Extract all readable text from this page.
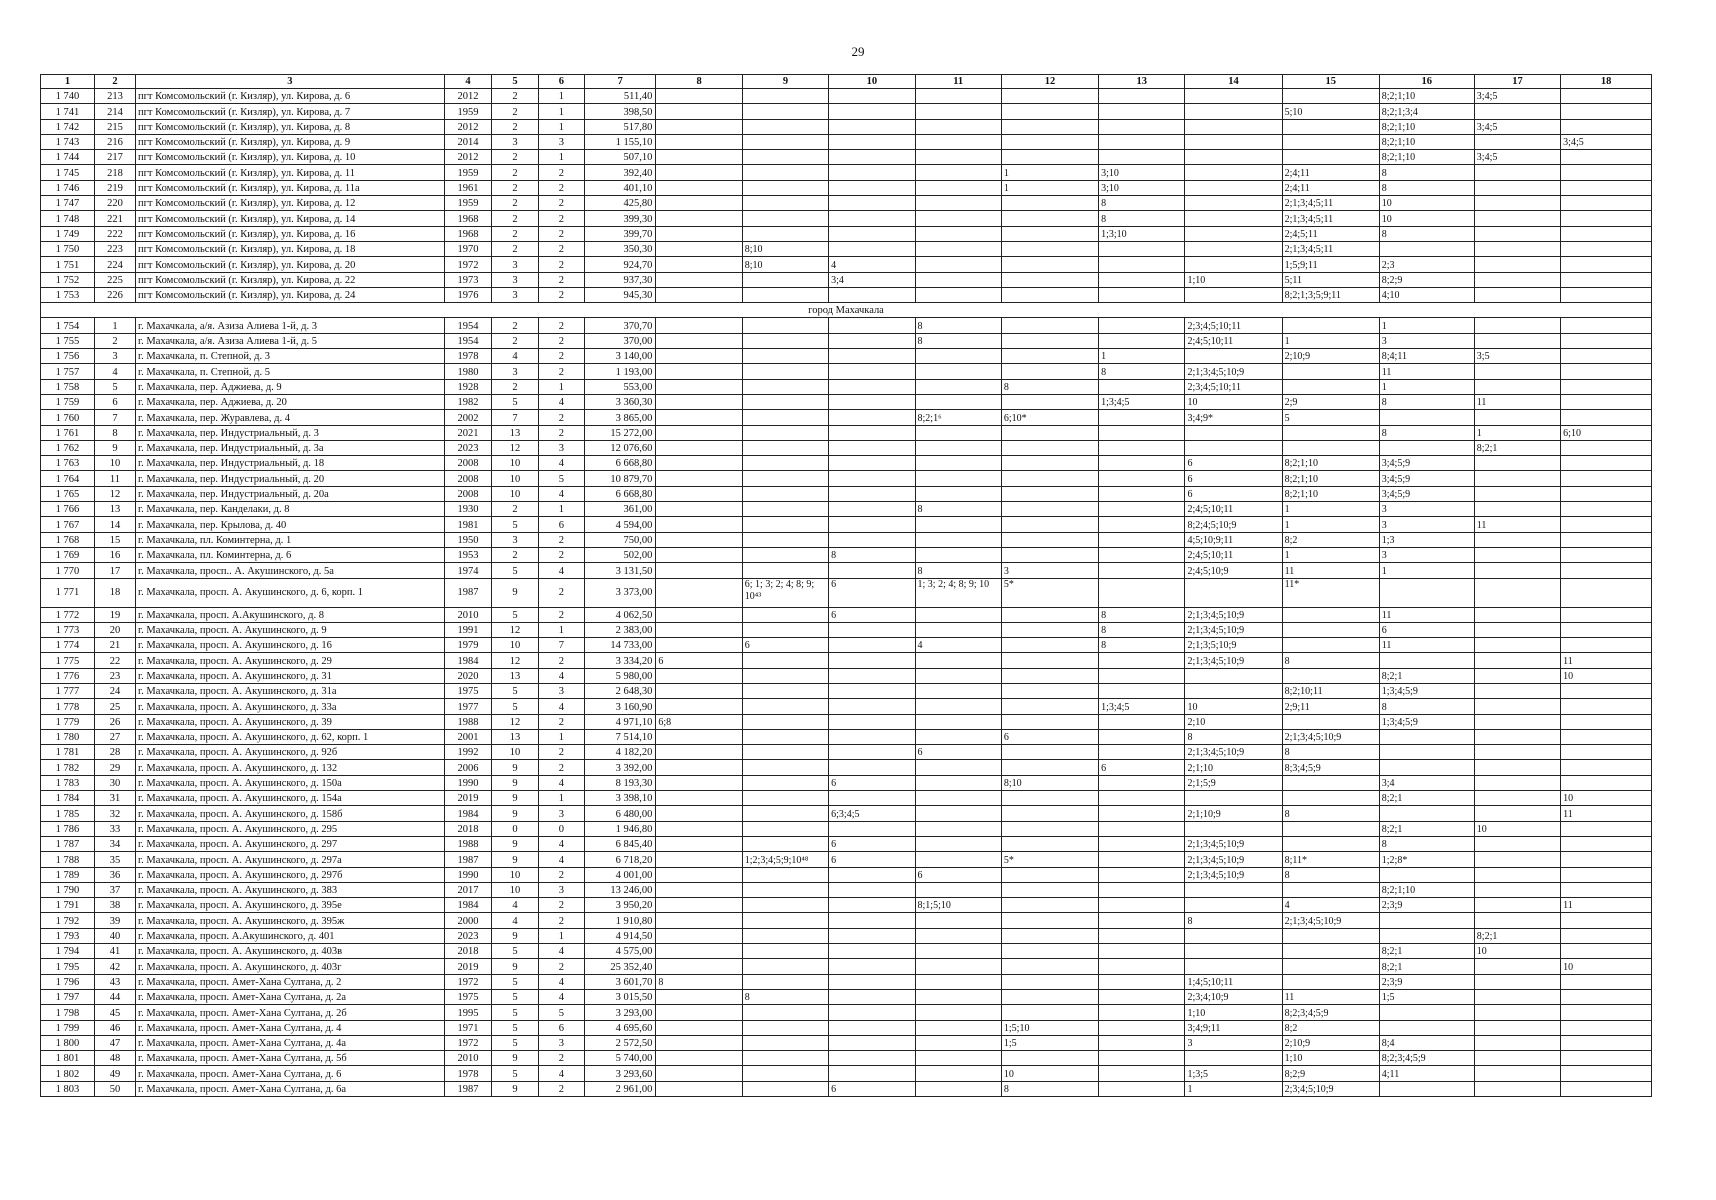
29
1	2	3	4	5	6	7	8	9	10	11	12	13	14	15	16	17	18
1 740	213	пгт Комсомольский (г. Кизляр), ул. Кирова, д. 6	2012	2	1	511,40									8;2;1;10	3;4;5	
1 741	214	пгт Комсомольский (г. Кизляр), ул. Кирова, д. 7	1959	2	1	398,50								5;10	8;2;1;3;4		
1 742	215	пгт Комсомольский (г. Кизляр), ул. Кирова, д. 8	2012	2	1	517,80									8;2;1;10	3;4;5	
1 743	216	пгт Комсомольский (г. Кизляр), ул. Кирова, д. 9	2014	3	3	1 155,10									8;2;1;10		3;4;5
1 744	217	пгт Комсомольский (г. Кизляр), ул. Кирова, д. 10	2012	2	1	507,10									8;2;1;10	3;4;5	
1 745	218	пгт Комсомольский (г. Кизляр), ул. Кирова, д. 11	1959	2	2	392,40					1	3;10		2;4;11	8		
1 746	219	пгт Комсомольский (г. Кизляр), ул. Кирова, д. 11а	1961	2	2	401,10					1	3;10		2;4;11	8		
1 747	220	пгт Комсомольский (г. Кизляр), ул. Кирова, д. 12	1959	2	2	425,80						8		2;1;3;4;5;11	10		
1 748	221	пгт Комсомольский (г. Кизляр), ул. Кирова, д. 14	1968	2	2	399,30						8		2;1;3;4;5;11	10		
1 749	222	пгт Комсомольский (г. Кизляр), ул. Кирова, д. 16	1968	2	2	399,70						1;3;10		2;4;5;11	8		
1 750	223	пгт Комсомольский (г. Кизляр), ул. Кирова, д. 18	1970	2	2	350,30		8;10						2;1;3;4;5;11			
1 751	224	пгт Комсомольский (г. Кизляр), ул. Кирова, д. 20	1972	3	2	924,70		8;10	4					1;5;9;11	2;3		
1 752	225	пгт Комсомольский (г. Кизляр), ул. Кирова, д. 22	1973	3	2	937,30			3;4				1;10	5;11	8;2;9		
1 753	226	пгт Комсомольский (г. Кизляр), ул. Кирова, д. 24	1976	3	2	945,30								8;2;1;3;5;9;11	4;10		
город Махачкала																	
1 754	1	г. Махачкала, а/я. Азиза Алиева 1-й, д. 3	1954	2	2	370,70				8			2;3;4;5;10;11		1		
1 755	2	г. Махачкала, а/я. Азиза Алиева 1-й, д. 5	1954	2	2	370,00				8			2;4;5;10;11	1	3		
1 756	3	г. Махачкала, п. Степной, д. 3	1978	4	2	3 140,00						1		2;10;9	8;4;11	3;5	
1 757	4	г. Махачкала, п. Степной, д. 5	1980	3	2	1 193,00						8	2;1;3;4;5;10;9		11		
1 758	5	г. Махачкала, пер. Аджиева, д. 9	1928	2	1	553,00					8		2;3;4;5;10;11		1		
1 759	6	г. Махачкала, пер. Аджиева, д. 20	1982	5	4	3 360,30						1;3;4;5	10	2;9	8	11	
1 760	7	г. Махачкала, пер. Журавлева, д. 4	2002	7	2	3 865,00				8;2;1⁶	6;10*		3;4;9*	5			
1 761	8	г. Махачкала, пер. Индустриальный, д. 3	2021	13	2	15 272,00									8	1	6;10
1 762	9	г. Махачкала, пер. Индустриальный, д. 3а	2023	12	3	12 076,60										8;2;1	
1 763	10	г. Махачкала, пер. Индустриальный, д. 18	2008	10	4	6 668,80							6	8;2;1;10	3;4;5;9		
1 764	11	г. Махачкала, пер. Индустриальный, д. 20	2008	10	5	10 879,70							6	8;2;1;10	3;4;5;9		
1 765	12	г. Махачкала, пер. Индустриальный, д. 20а	2008	10	4	6 668,80							6	8;2;1;10	3;4;5;9		
1 766	13	г. Махачкала, пер. Канделаки, д. 8	1930	2	1	361,00				8			2;4;5;10;11	1	3		
1 767	14	г. Махачкала, пер. Крылова, д. 40	1981	5	6	4 594,00							8;2;4;5;10;9	1	3	11	
1 768	15	г. Махачкала, пл. Коминтерна, д. 1	1950	3	2	750,00							4;5;10;9;11	8;2	1;3		
1 769	16	г. Махачкала, пл. Коминтерна, д. 6	1953	2	2	502,00			8				2;4;5;10;11	1	3		
1 770	17	г. Махачкала, просп.. А. Акушинского, д. 5а	1974	5	4	3 131,50				8	3		2;4;5;10;9	11	1		
1 771	18	г. Махачкала, просп. А. Акушинского, д. 6, корп. 1	1987	9	2	3 373,00		6; 1; 3; 2; 4; 8; 9; 10⁴³	6	1; 3; 2; 4; 8; 9; 10	5*			11*			
1 772	19	г. Махачкала, просп. А.Акушинского, д. 8	2010	5	2	4 062,50			6			8	2;1;3;4;5;10;9		11		
1 773	20	г. Махачкала, просп. А. Акушинского, д. 9	1991	12	1	2 383,00						8	2;1;3;4;5;10;9		6		
1 774	21	г. Махачкала, просп. А. Акушинского, д. 16	1979	10	7	14 733,00		6		4		8	2;1;3;5;10;9		11		
1 775	22	г. Махачкала, просп. А. Акушинского, д. 29	1984	12	2	3 334,20	6						2;1;3;4;5;10;9	8			11
1 776	23	г. Махачкала, просп. А. Акушинского, д. 31	2020	13	4	5 980,00									8;2;1		10
1 777	24	г. Махачкала, просп. А. Акушинского, д. 31а	1975	5	3	2 648,30								8;2;10;11	1;3;4;5;9		
1 778	25	г. Махачкала, просп. А. Акушинского, д. 33а	1977	5	4	3 160,90						1;3;4;5	10	2;9;11	8		
1 779	26	г. Махачкала, просп. А. Акушинского, д. 39	1988	12	2	4 971,10	6;8						2;10		1;3;4;5;9		
1 780	27	г. Махачкала, просп. А. Акушинского, д. 62, корп. 1	2001	13	1	7 514,10					6		8	2;1;3;4;5;10;9			
1 781	28	г. Махачкала, просп. А. Акушинского, д. 92б	1992	10	2	4 182,20				6			2;1;3;4;5;10;9	8			
1 782	29	г. Махачкала, просп. А. Акушинского, д. 132	2006	9	2	3 392,00						6	2;1;10	8;3;4;5;9			
1 783	30	г. Махачкала, просп. А. Акушинского, д. 150а	1990	9	4	8 193,30			6		8;10		2;1;5;9		3;4		
1 784	31	г. Махачкала, просп. А. Акушинского, д. 154а	2019	9	1	3 398,10									8;2;1		10
1 785	32	г. Махачкала, просп. А. Акушинского, д. 158б	1984	9	3	6 480,00			6;3;4;5				2;1;10;9	8			11
1 786	33	г. Махачкала, просп. А. Акушинского, д. 295	2018	0	0	1 946,80									8;2;1	10	
1 787	34	г. Махачкала, просп. А. Акушинского, д. 297	1988	9	4	6 845,40			6				2;1;3;4;5;10;9		8		
1 788	35	г. Махачкала, просп. А. Акушинского, д. 297а	1987	9	4	6 718,20		1;2;3;4;5;9;10⁴⁸	6		5*		2;1;3;4;5;10;9	8;11*	1;2;8*		
1 789	36	г. Махачкала, просп. А. Акушинского, д. 297б	1990	10	2	4 001,00				6			2;1;3;4;5;10;9	8			
1 790	37	г. Махачкала, просп. А. Акушинского, д. 383	2017	10	3	13 246,00									8;2;1;10		
1 791	38	г. Махачкала, просп. А. Акушинского, д. 395е	1984	4	2	3 950,20				8;1;5;10				4	2;3;9		11
1 792	39	г. Махачкала, просп. А. Акушинского, д. 395ж	2000	4	2	1 910,80							8	2;1;3;4;5;10;9			
1 793	40	г. Махачкала, просп. А.Акушинского, д. 401	2023	9	1	4 914,50										8;2;1	
1 794	41	г. Махачкала, просп. А. Акушинского, д. 403в	2018	5	4	4 575,00									8;2;1	10	
1 795	42	г. Махачкала, просп. А. Акушинского, д. 403г	2019	9	2	25 352,40									8;2;1		10
1 796	43	г. Махачкала, просп. Амет-Хана Султана, д. 2	1972	5	4	3 601,70	8						1;4;5;10;11		2;3;9		
1 797	44	г. Махачкала, просп. Амет-Хана Султана, д. 2а	1975	5	4	3 015,50		8					2;3;4;10;9	11	1;5		
1 798	45	г. Махачкала, просп. Амет-Хана Султана, д. 2б	1995	5	5	3 293,00							1;10	8;2;3;4;5;9			
1 799	46	г. Махачкала, просп. Амет-Хана Султана, д. 4	1971	5	6	4 695,60					1;5;10		3;4;9;11	8;2			
1 800	47	г. Махачкала, просп. Амет-Хана Султана, д. 4а	1972	5	3	2 572,50					1;5		3	2;10;9	8;4		
1 801	48	г. Махачкала, просп. Амет-Хана Султана, д. 5б	2010	9	2	5 740,00								1;10	8;2;3;4;5;9		
1 802	49	г. Махачкала, просп. Амет-Хана Султана, д. 6	1978	5	4	3 293,60					10		1;3;5	8;2;9	4;11		
1 803	50	г. Махачкала, просп. Амет-Хана Султана, д. 6а	1987	9	2	2 961,00			6		8		1	2;3;4;5;10;9			
